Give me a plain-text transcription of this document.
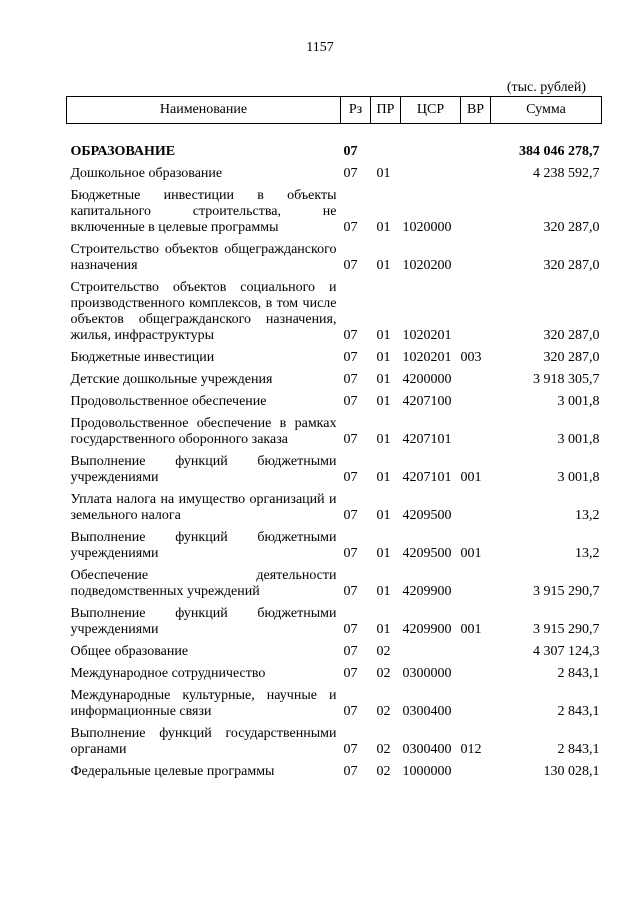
1157
(тыс. рублей)
Наименование	Рз	ПР	ЦСР	ВР	Сумма
ОБРАЗОВАНИЕ	07				384 046 278,7
Дошкольное образование	07	01			4 238 592,7
Бюджетные инвестиции в объекты капитального строительства, не включенные в целевые программы	07	01	1020000		320 287,0
Строительство объектов общегражданского назначения	07	01	1020200		320 287,0
Строительство объектов социального и производственного комплексов, в том числе объектов общегражданского назначения, жилья, инфраструктуры	07	01	1020201		320 287,0
Бюджетные инвестиции	07	01	1020201	003	320 287,0
Детские дошкольные учреждения	07	01	4200000		3 918 305,7
Продовольственное обеспечение	07	01	4207100		3 001,8
Продовольственное обеспечение в рамках государственного оборонного заказа	07	01	4207101		3 001,8
Выполнение функций бюджетными учреждениями	07	01	4207101	001	3 001,8
Уплата налога на имущество организаций и земельного налога	07	01	4209500		13,2
Выполнение функций бюджетными учреждениями	07	01	4209500	001	13,2
Обеспечение деятельности подведомственных учреждений	07	01	4209900		3 915 290,7
Выполнение функций бюджетными учреждениями	07	01	4209900	001	3 915 290,7
Общее образование	07	02			4 307 124,3
Международное сотрудничество	07	02	0300000		2 843,1
Международные культурные, научные и информационные связи	07	02	0300400		2 843,1
Выполнение функций государственными органами	07	02	0300400	012	2 843,1
Федеральные целевые программы	07	02	1000000		130 028,1
